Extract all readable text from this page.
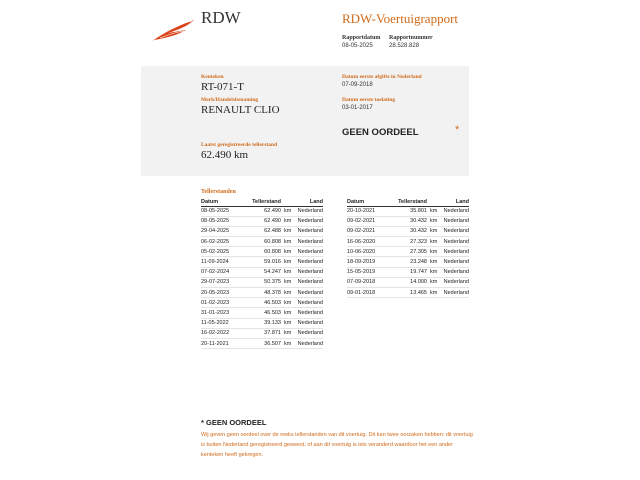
RDW	RDW-Voertuigrapport
Rapportdatum
08-05-2025
Rapportnummer
28.528.828
Kenteken
RT-071-T
Merk/Handelsbenaming
RENAULT CLIO
Laatst geregistreerde tellerstand
62.490 km
Datum eerste afgifte in Nederland
07-09-2018
Datum eerste toelating
03-01-2017
GEEN OORDEEL	*
Tellerstanden
Datum	Tellerstand		Land
08-05-2025	62.490	km	Nederland
08-05-2025	62.490	km	Nederland
29-04-2025	62.488	km	Nederland
06-02-2025	60.808	km	Nederland
05-02-2025	60.808	km	Nederland
11-09-2024	59.016	km	Nederland
07-02-2024	54.247	km	Nederland
29-07-2023	50.375	km	Nederland
20-05-2023	48.378	km	Nederland
01-02-2023	46.503	km	Nederland
31-01-2023	46.503	km	Nederland
11-05-2022	39.133	km	Nederland
16-02-2022	37.871	km	Nederland
20-11-2021	36.507	km	Nederland
Datum	Tellerstand		Land
20-10-2021	35.801	km	Nederland
09-02-2021	30.432	km	Nederland
09-02-2021	30.432	km	Nederland
16-06-2020	27.323	km	Nederland
10-06-2020	27.305	km	Nederland
18-09-2019	23.248	km	Nederland
15-05-2019	19.747	km	Nederland
07-09-2018	14.000	km	Nederland
09-01-2018	13.465	km	Nederland
* GEEN OORDEEL
Wij geven geen oordeel over de reeks tellerstanden van dit voertuig. Dit kan twee oorzaken hebben: dit voertuig is buiten Nederland geregistreerd geweest, of aan dit voertuig is iets veranderd waardoor het een ander kenteken heeft gekregen.
